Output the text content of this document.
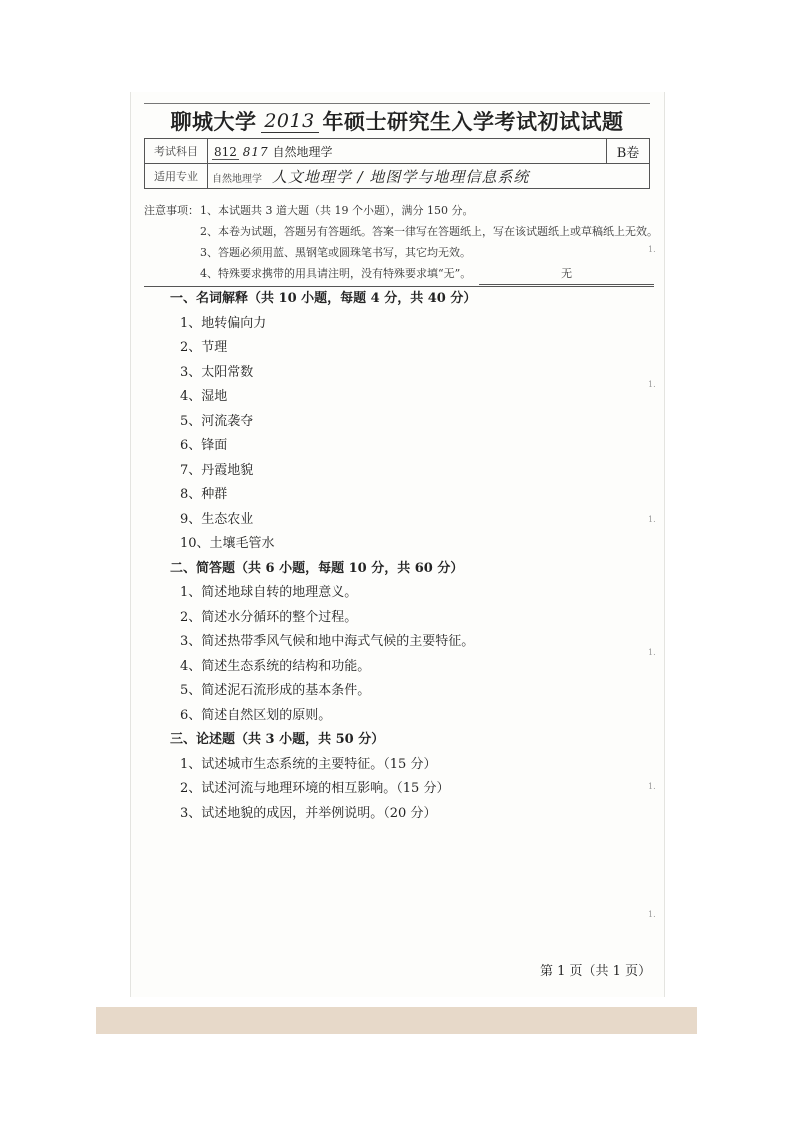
聊城大学 2013 年硕士研究生入学考试初试试题
考试科目	812 817 自然地理学	B卷
适用专业	自然地理学 人文地理学 / 地图学与地理信息系统	
注意事项： 1、本试题共 3 道大题（共 19 个小题），满分 150 分。
2、本卷为试题，答题另有答题纸。答案一律写在答题纸上，写在该试题纸上或草稿纸上无效。
3、答题必须用蓝、黑钢笔或圆珠笔书写，其它均无效。
4、特殊要求携带的用具请注明，没有特殊要求填“无”。	无
一、名词解释（共 10 小题，每题 4 分，共 40 分）
1、地转偏向力
2、节理
3、太阳常数
4、湿地
5、河流袭夺
6、锋面
7、丹霞地貌
8、种群
9、生态农业
10、土壤毛管水
二、简答题（共 6 小题，每题 10 分，共 60 分）
1、简述地球自转的地理意义。
2、简述水分循环的整个过程。
3、简述热带季风气候和地中海式气候的主要特征。
4、简述生态系统的结构和功能。
5、简述泥石流形成的基本条件。
6、简述自然区划的原则。
三、论述题（共 3 小题，共 50 分）
1、试述城市生态系统的主要特征。（15 分）
2、试述河流与地理环境的相互影响。（15 分）
3、试述地貌的成因，并举例说明。（20 分）
第 1 页（共 1 页）
1.
1.
1.
1.
1.
1.
